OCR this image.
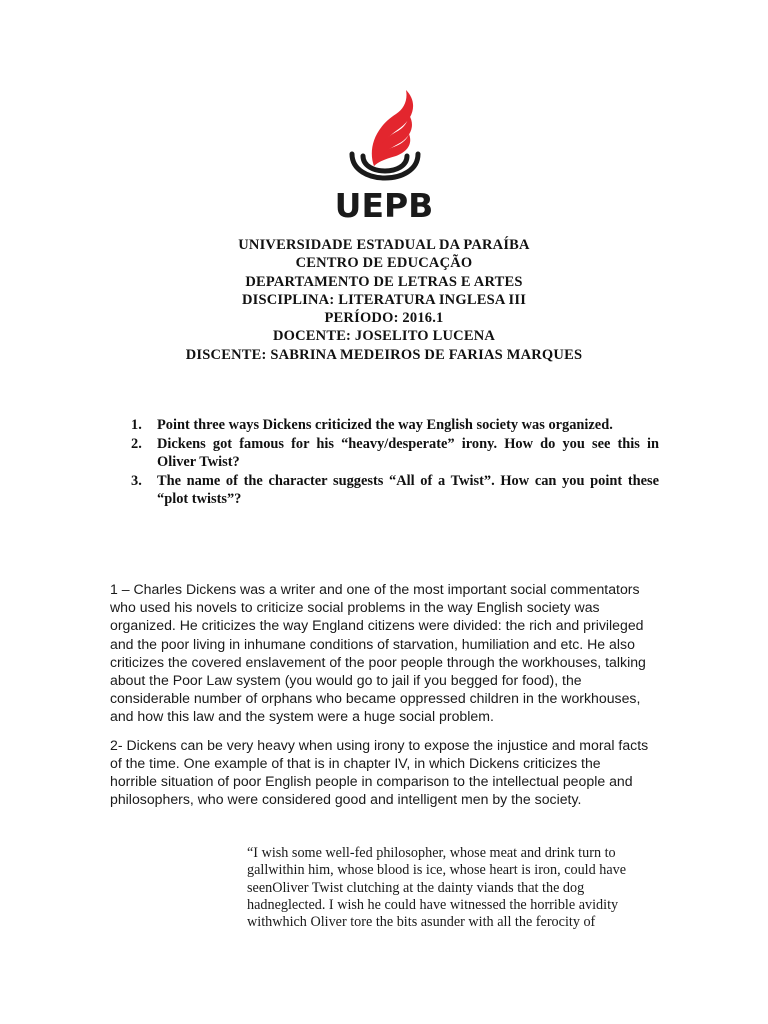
UEPB
UNIVERSIDADE ESTADUAL DA PARAÍBA
CENTRO DE EDUCAÇÃO
DEPARTAMENTO DE LETRAS E ARTES
DISCIPLINA: LITERATURA INGLESA III
PERÍODO: 2016.1
DOCENTE: JOSELITO LUCENA
DISCENTE: SABRINA MEDEIROS DE FARIAS MARQUES
1. Point three ways Dickens criticized the way English society was organized.
2. Dickens got famous for his “heavy/desperate” irony. How do you see this in Oliver Twist?
3. The name of the character suggests “All of a Twist”. How can you point these “plot twists”?

1 – Charles Dickens was a writer and one of the most important social commentators who used his novels to criticize social problems in the way English society was organized. He criticizes the way England citizens were divided: the rich and privileged and the poor living in inhumane conditions of starvation, humiliation and etc. He also criticizes the covered enslavement of the poor people through the workhouses, talking about the Poor Law system (you would go to jail if you begged for food), the considerable number of orphans who became oppressed children in the workhouses, and how this law and the system were a huge social problem.

2- Dickens can be very heavy when using irony to expose the injustice and moral facts of the time. One example of that is in chapter IV, in which Dickens criticizes the horrible situation of poor English people in comparison to the intellectual people and philosophers, who were considered good and intelligent men by the society.

“I wish some well-fed philosopher, whose meat and drink turn to gallwithin him, whose blood is ice, whose heart is iron, could have seenOliver Twist clutching at the dainty viands that the dog hadneglected. I wish he could have witnessed the horrible avidity withwhich Oliver tore the bits asunder with all the ferocity of
